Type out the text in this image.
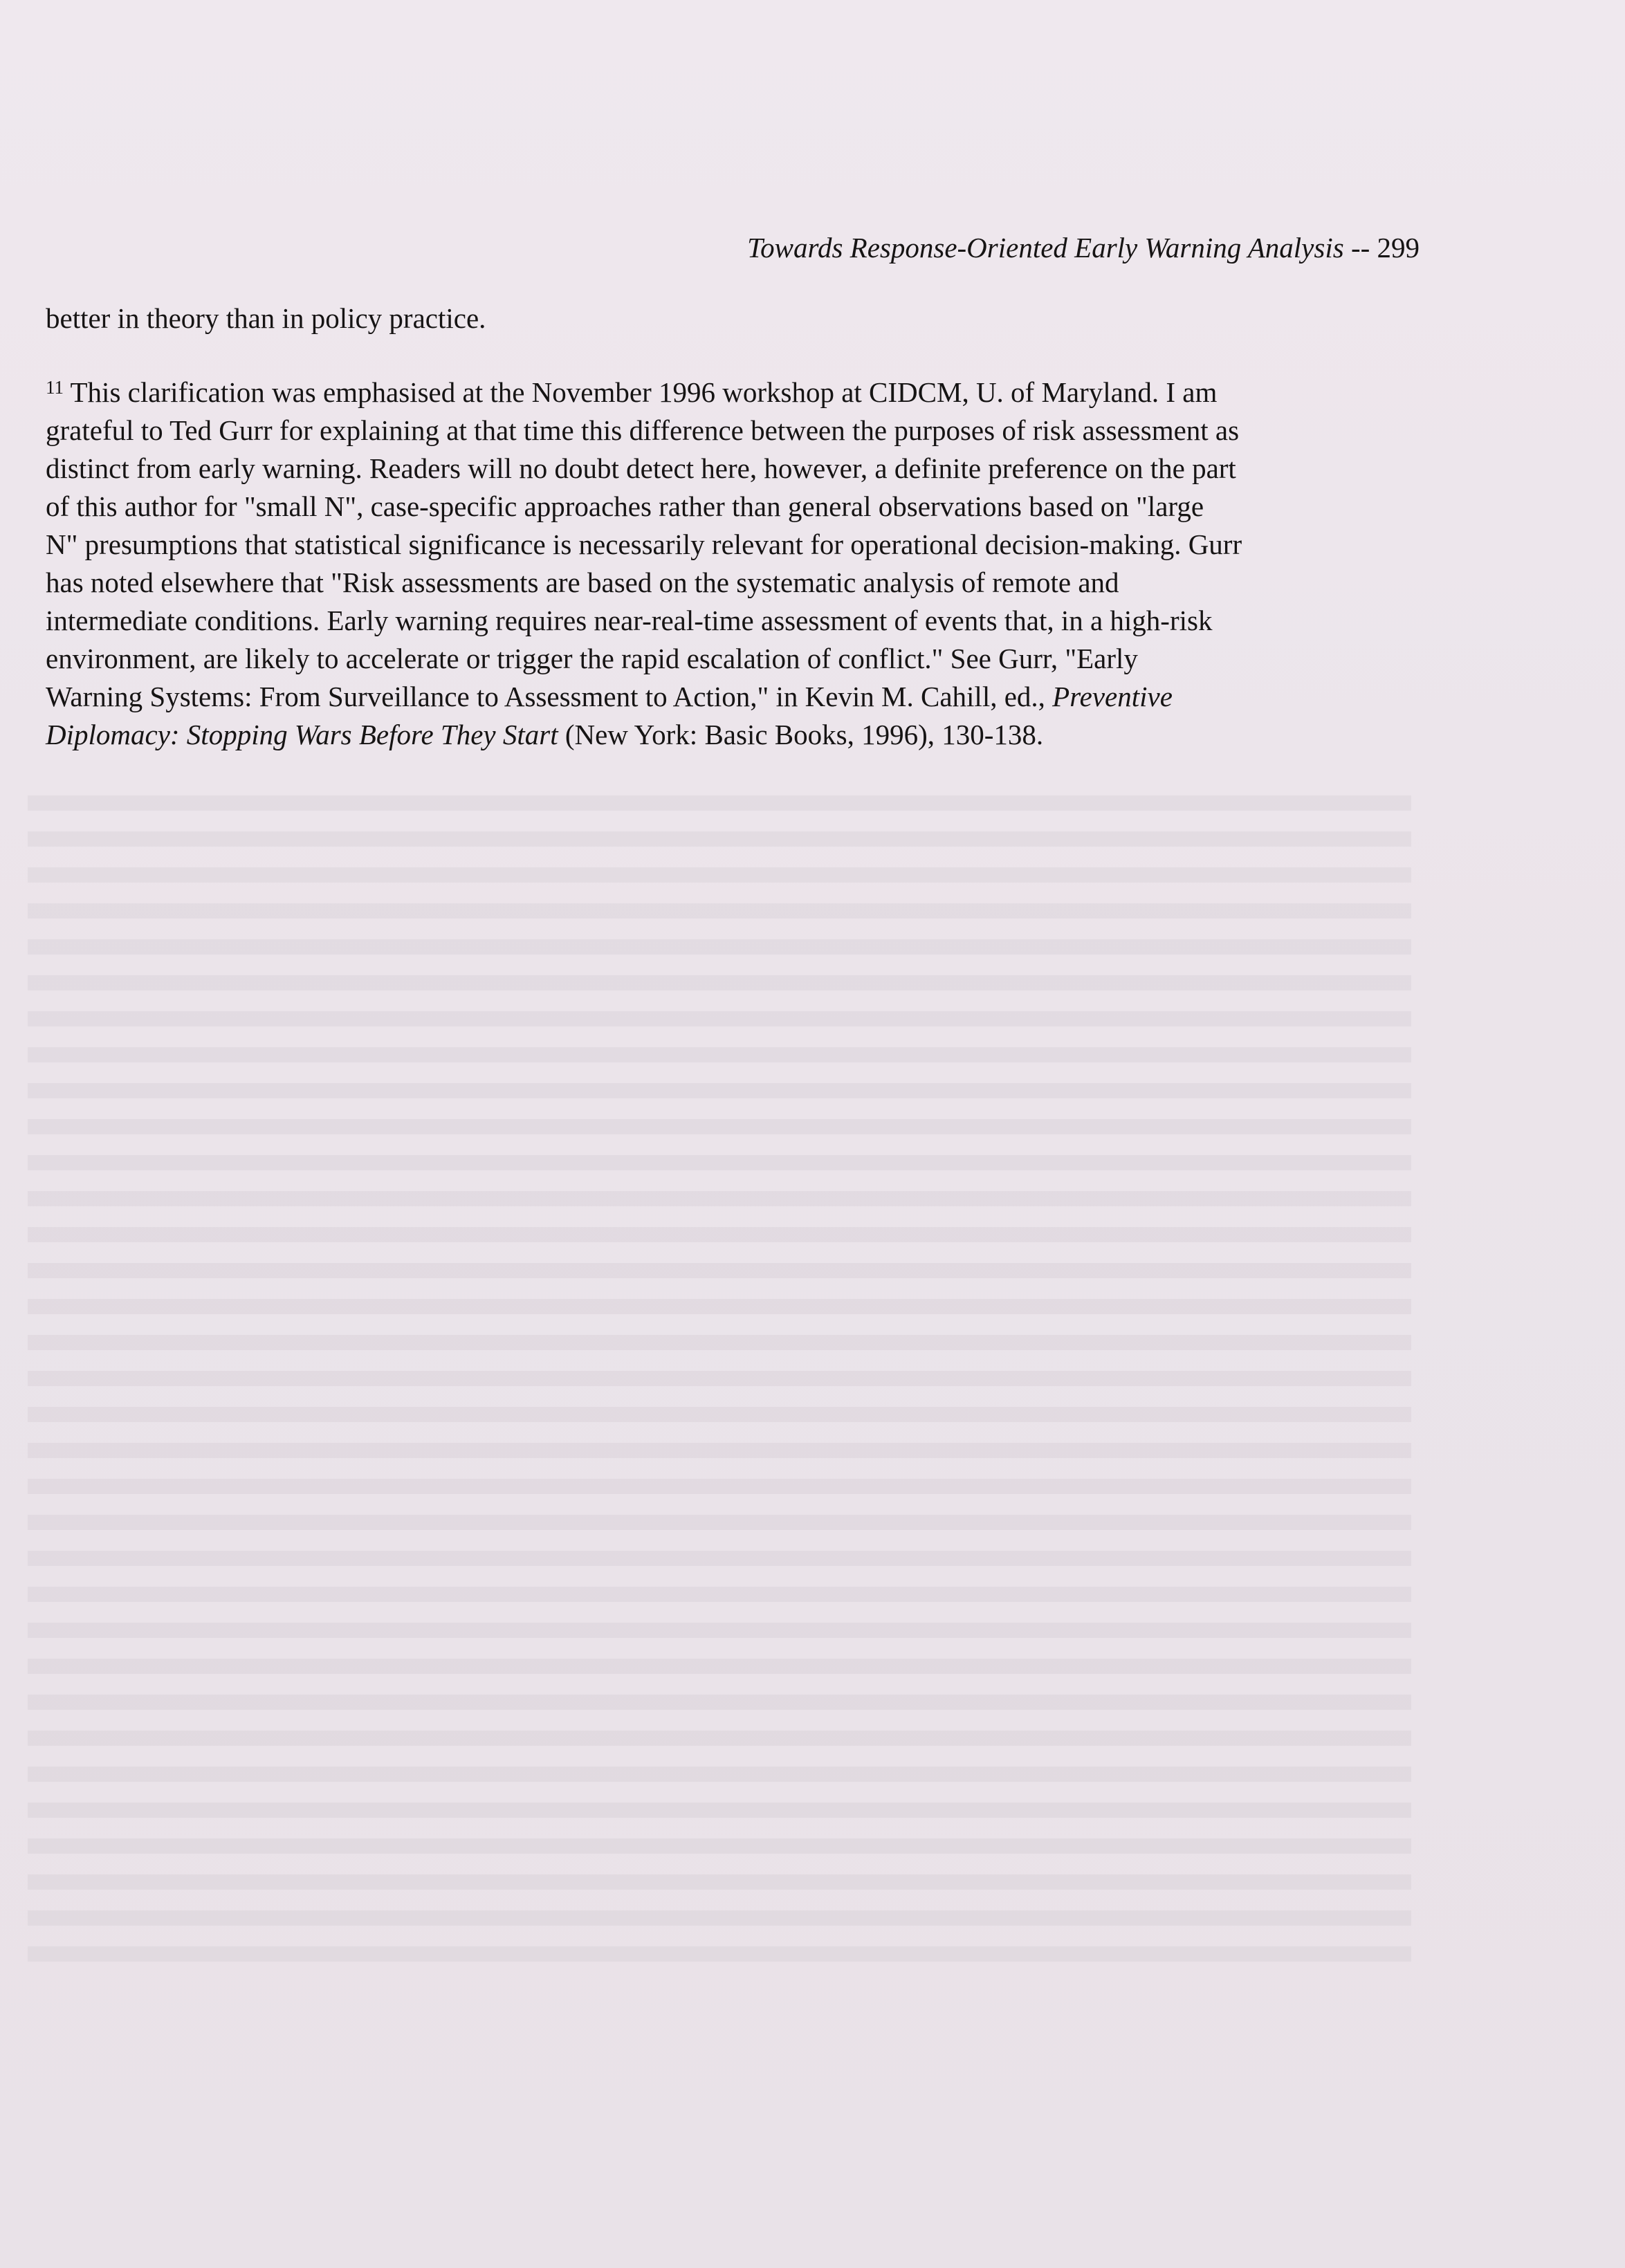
Towards Response-Oriented Early Warning Analysis -- 299
better in theory than in policy practice.
$^{11}$ This clarification was emphasised at the November 1996 workshop at CIDCM, U. of Maryland. I am
grateful to Ted Gurr for explaining at that time this difference between the purposes of risk assessment as
distinct from early warning. Readers will no doubt detect here, however, a definite preference on the part
of this author for "small N", case-specific approaches rather than general observations based on "large
N" presumptions that statistical significance is necessarily relevant for operational decision-making. Gurr
has noted elsewhere that "Risk assessments are based on the systematic analysis of remote and
intermediate conditions. Early warning requires near-real-time assessment of events that, in a high-risk
environment, are likely to accelerate or trigger the rapid escalation of conflict." See Gurr, "Early
Warning Systems: From Surveillance to Assessment to Action," in Kevin M. Cahill, ed., Preventive
Diplomacy: Stopping Wars Before They Start (New York: Basic Books, 1996), 130-138.
